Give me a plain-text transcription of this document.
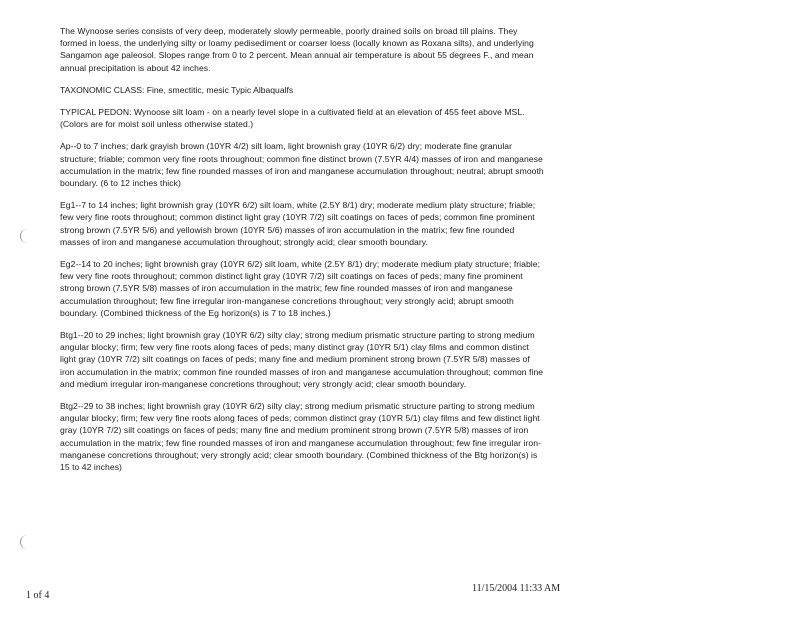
The Wynoose series consists of very deep, moderately slowly permeable, poorly drained soils on broad till plains. They formed in loess, the underlying silty or loamy pedisediment or coarser loess (locally known as Roxana silts), and underlying Sangamon age paleosol. Slopes range from 0 to 2 percent. Mean annual air temperature is about 55 degrees F., and mean annual precipitation is about 42 inches.

TAXONOMIC CLASS: Fine, smectitic, mesic Typic Albaqualfs

TYPICAL PEDON: Wynoose silt loam - on a nearly level slope in a cultivated field at an elevation of 455 feet above MSL. (Colors are for moist soil unless otherwise stated.)

Ap--0 to 7 inches; dark grayish brown (10YR 4/2) silt loam, light brownish gray (10YR 6/2) dry; moderate fine granular structure; friable; common very fine roots throughout; common fine distinct brown (7.5YR 4/4) masses of iron and manganese accumulation in the matrix; few fine rounded masses of iron and manganese accumulation throughout; neutral; abrupt smooth boundary. (6 to 12 inches thick)

Eg1--7 to 14 inches; light brownish gray (10YR 6/2) silt loam, white (2.5Y 8/1) dry; moderate medium platy structure; friable; few very fine roots throughout; common distinct light gray (10YR 7/2) silt coatings on faces of peds; common fine prominent strong brown (7.5YR 5/6) and yellowish brown (10YR 5/6) masses of iron accumulation in the matrix; few fine rounded masses of iron and manganese accumulation throughout; strongly acid; clear smooth boundary.

Eg2--14 to 20 inches; light brownish gray (10YR 6/2) silt loam, white (2.5Y 8/1) dry; moderate medium platy structure; friable; few very fine roots throughout; common distinct light gray (10YR 7/2) silt coatings on faces of peds; many fine prominent strong brown (7.5YR 5/8) masses of iron accumulation in the matrix; few fine rounded masses of iron and manganese accumulation throughout; few fine irregular iron-manganese concretions throughout; very strongly acid; abrupt smooth boundary. (Combined thickness of the Eg horizon(s) is 7 to 18 inches.)

Btg1--20 to 29 inches; light brownish gray (10YR 6/2) silty clay; strong medium prismatic structure parting to strong medium angular blocky; firm; few very fine roots along faces of peds; many distinct gray (10YR 5/1) clay films and common distinct light gray (10YR 7/2) silt coatings on faces of peds; many fine and medium prominent strong brown (7.5YR 5/8) masses of iron accumulation in the matrix; common fine rounded masses of iron and manganese accumulation throughout; common fine and medium irregular iron-manganese concretions throughout; very strongly acid; clear smooth boundary.

Btg2--29 to 38 inches; light brownish gray (10YR 6/2) silty clay; strong medium prismatic structure parting to strong medium angular blocky; firm; few very fine roots along faces of peds; common distinct gray (10YR 5/1) clay films and few distinct light gray (10YR 7/2) silt coatings on faces of peds; many fine and medium prominent strong brown (7.5YR 5/8) masses of iron accumulation in the matrix; few fine rounded masses of iron and manganese accumulation throughout; few fine irregular iron-manganese concretions throughout; very strongly acid; clear smooth boundary. (Combined thickness of the Btg horizon(s) is 15 to 42 inches)

1 of 4
11/15/2004 11:33 AM
